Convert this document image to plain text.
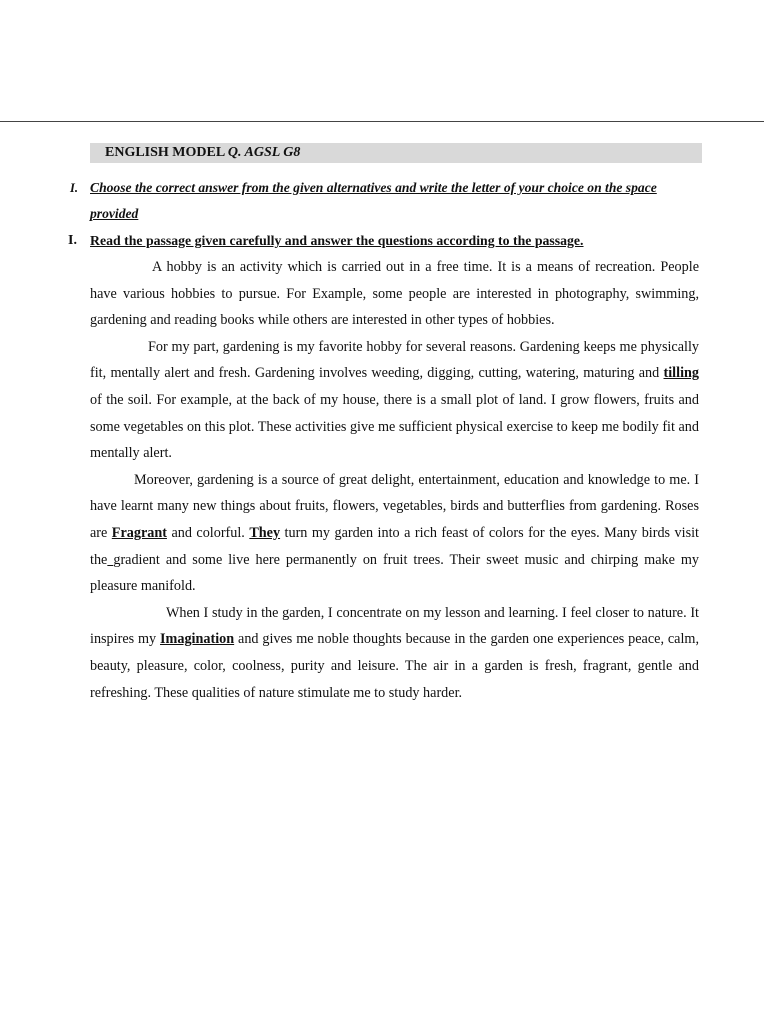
ENGLISH MODEL Q. AGSL G8
I. Choose the correct answer from the given alternatives and write the letter of your choice on the space provided
I. Read the passage given carefully and answer the questions according to the passage.

A hobby is an activity which is carried out in a free time. It is a means of recreation. People have various hobbies to pursue. For Example, some people are interested in photography, swimming, gardening and reading books while others are interested in other types of hobbies.

For my part, gardening is my favorite hobby for several reasons. Gardening keeps me physically fit, mentally alert and fresh. Gardening involves weeding, digging, cutting, watering, maturing and tilling of the soil. For example, at the back of my house, there is a small plot of land. I grow flowers, fruits and some vegetables on this plot. These activities give me sufficient physical exercise to keep me bodily fit and mentally alert.

Moreover, gardening is a source of great delight, entertainment, education and knowledge to me. I have learnt many new things about fruits, flowers, vegetables, birds and butterflies from gardening. Roses are Fragrant and colorful. They turn my garden into a rich feast of colors for the eyes. Many birds visit the gradient and some live here permanently on fruit trees. Their sweet music and chirping make my pleasure manifold.

When I study in the garden, I concentrate on my lesson and learning. I feel closer to nature. It inspires my Imagination and gives me noble thoughts because in the garden one experiences peace, calm, beauty, pleasure, color, coolness, purity and leisure. The air in a garden is fresh, fragrant, gentle and refreshing. These qualities of nature stimulate me to study harder.
